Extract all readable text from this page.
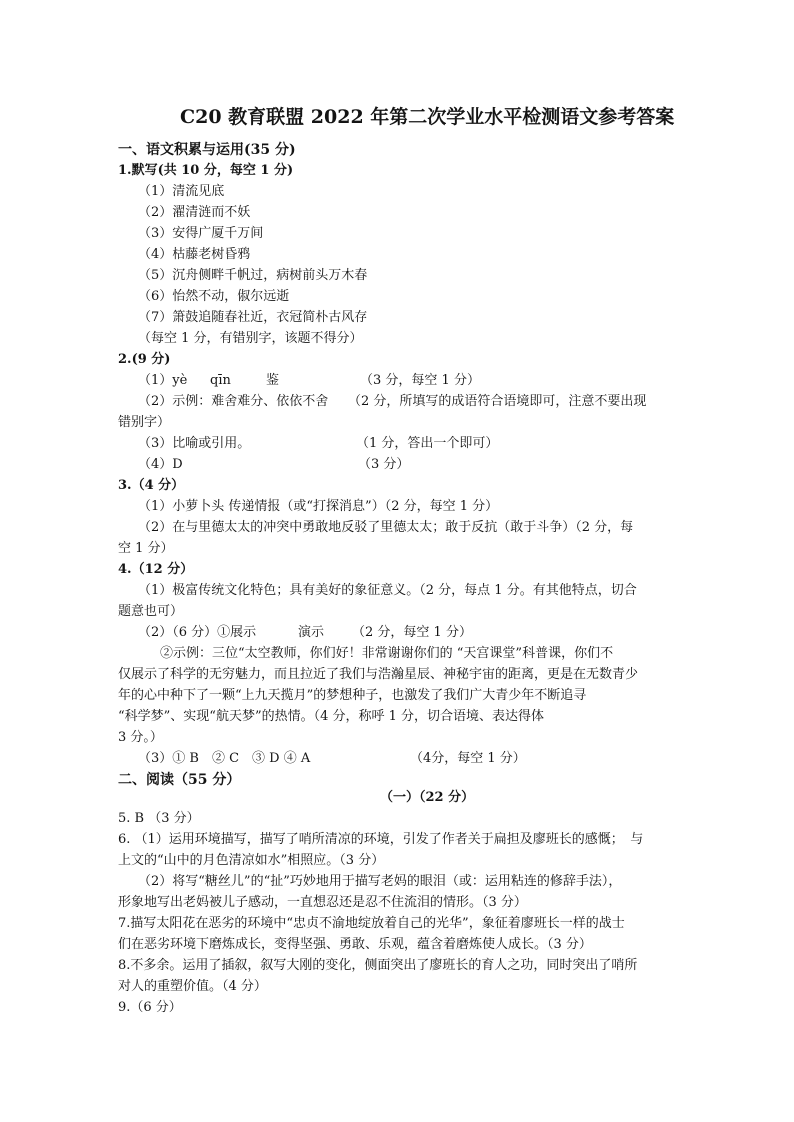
C20 教育联盟 2022 年第二次学业水平检测语文参考答案
一、语文积累与运用(35 分)
1.默写(共 10 分，每空 1 分)
（1）清流见底
（2）濯清涟而不妖
（3）安得广厦千万间
（4）枯藤老树昏鸦
（5）沉舟侧畔千帆过，病树前头万木春
（6）怡然不动，俶尔远逝
（7）箫鼓追随春社近，衣冠简朴古风存
（每空 1 分，有错别字，该题不得分）
2.(9 分)
（1）yè qīn	鉴	（3 分，每空 1 分）
（2）示例：难舍难分、依依不舍 （2 分，所填写的成语符合语境即可，注意不要出现
错别字）
（3）比喻或引用。	（1 分，答出一个即可）
（4）D	（3 分）
3.（4 分）
（1）小萝卜头 传递情报（或“打探消息”）（2 分，每空 1 分）
（2）在与里德太太的冲突中勇敢地反驳了里德太太；敢于反抗（敢于斗争）（2 分，每
空 1 分）
4.（12 分）
（1）极富传统文化特色；具有美好的象征意义。（2 分，每点 1 分。有其他特点，切合
题意也可）
（2）（6 分）①展示	演示 （2 分，每空 1 分）
②示例：三位“太空教师，你们好！非常谢谢你们的 “天宫课堂”科普课，你们不
仅展示了科学的无穷魅力，而且拉近了我们与浩瀚星辰、神秘宇宙的距离，更是在无数青少
年的心中种下了一颗“上九天揽月”的梦想种子，也激发了我们广大青少年不断追寻
“科学梦”、实现“航天梦”的热情。（4 分，称呼 1 分，切合语境、表达得体
3 分。）
（3）① B　② C　③ D ④ A	（4分，每空 1 分）
二、阅读（55 分）
（一）（22 分）
5. B （3 分）
6. （1）运用环境描写，描写了哨所清凉的环境，引发了作者关于扁担及廖班长的感慨；　与
上文的“山中的月色清凉如水”相照应。（3 分）
（2）将写“糖丝儿”的“扯”巧妙地用于描写老妈的眼泪（或：运用粘连的修辞手法），
形象地写出老妈被儿子感动，一直想忍还是忍不住流泪的情形。（3 分）
7.描写太阳花在恶劣的环境中“忠贞不渝地绽放着自己的光华”，象征着廖班长一样的战士
们在恶劣环境下磨炼成长，变得坚强、勇敢、乐观，蕴含着磨炼使人成长。（3 分）
8.不多余。运用了插叙，叙写大刚的变化，侧面突出了廖班长的育人之功，同时突出了哨所
对人的重塑价值。（4 分）
9.（6 分）
